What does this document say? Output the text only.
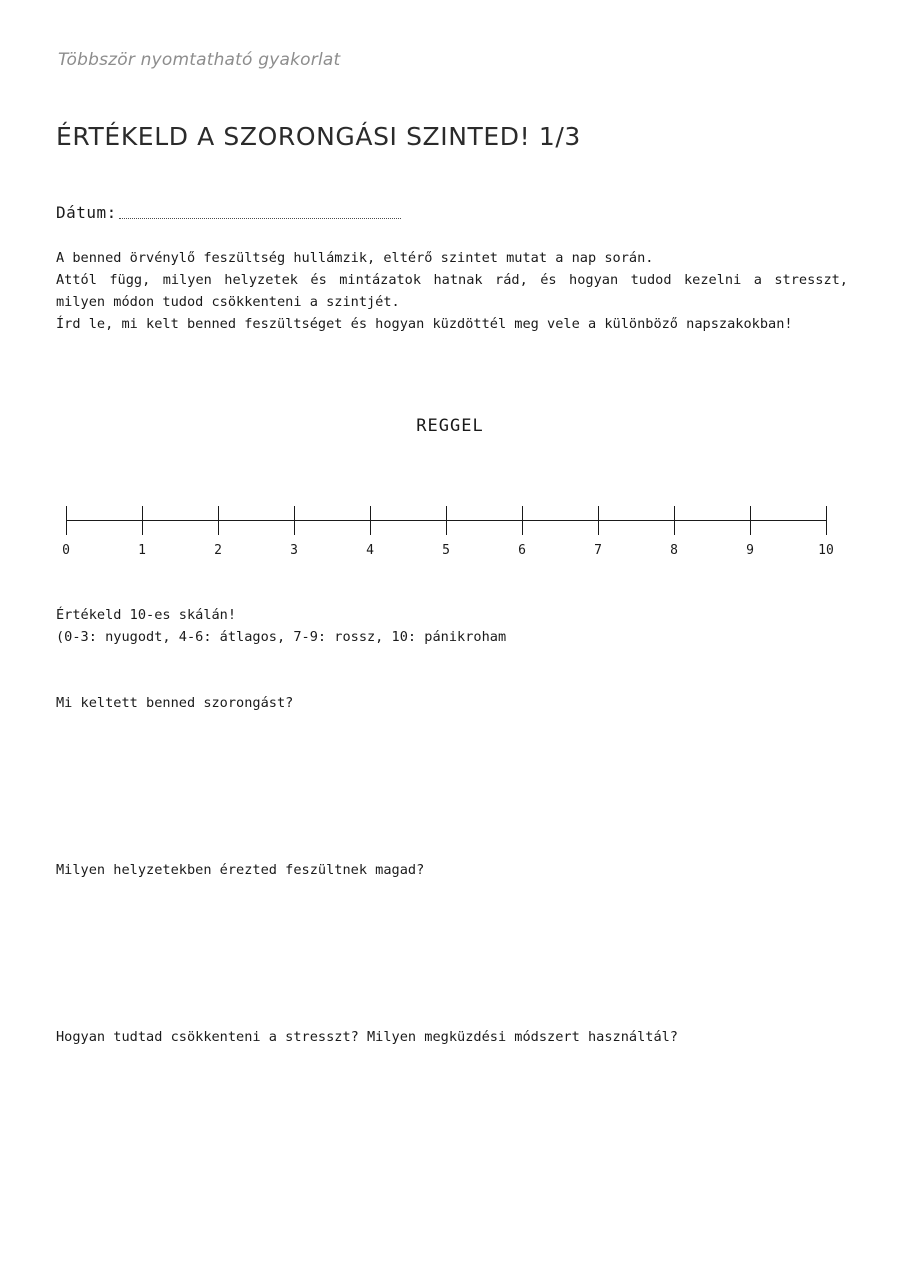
Többször nyomtatható gyakorlat
ÉRTÉKELD A SZORONGÁSI SZINTED! 1/3
Dátum:

A benned örvénylő feszültség hullámzik, eltérő szintet mutat a nap során.

Attól függ, milyen helyzetek és mintázatok hatnak rád, és hogyan tudod kezelni a stresszt, milyen módon tudod csökkenteni a szintjét.

Írd le, mi kelt benned feszültséget és hogyan küzdöttél meg vele a különböző napszakokban!

REGGEL
0	1	2	3	4	5	6	7	8	9	10

Értékeld 10-es skálán!

(0-3: nyugodt, 4-6: átlagos, 7-9: rossz, 10: pánikroham

Mi keltett benned szorongást?

Milyen helyzetekben érezted feszültnek magad?

Hogyan tudtad csökkenteni a stresszt? Milyen megküzdési módszert használtál?
